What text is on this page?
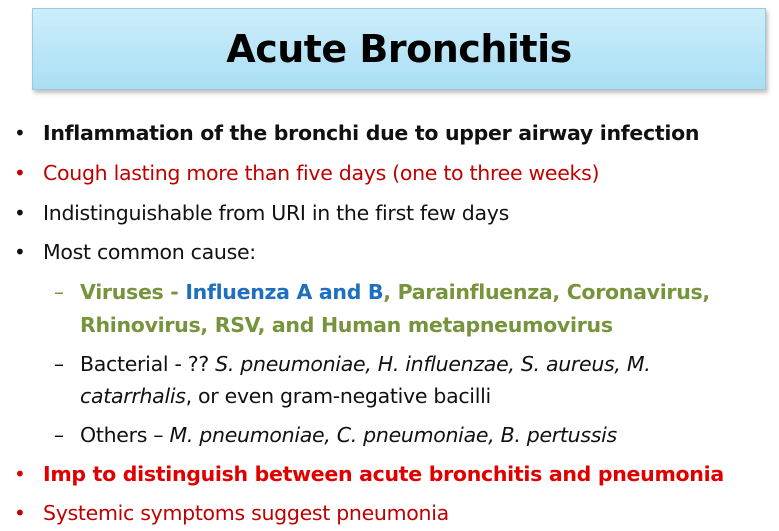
Acute Bronchitis
• Inflammation of the bronchi due to upper airway infection
• Cough lasting more than five days (one to three weeks)
• Indistinguishable from URI in the first few days
• Most common cause:
– Viruses - Influenza A and B, Parainfluenza, Coronavirus,
Rhinovirus, RSV, and Human metapneumovirus
– Bacterial - ?? S. pneumoniae, H. influenzae, S. aureus, M.
catarrhalis, or even gram-negative bacilli
– Others – M. pneumoniae, C. pneumoniae, B. pertussis
• Imp to distinguish between acute bronchitis and pneumonia
• Systemic symptoms suggest pneumonia
